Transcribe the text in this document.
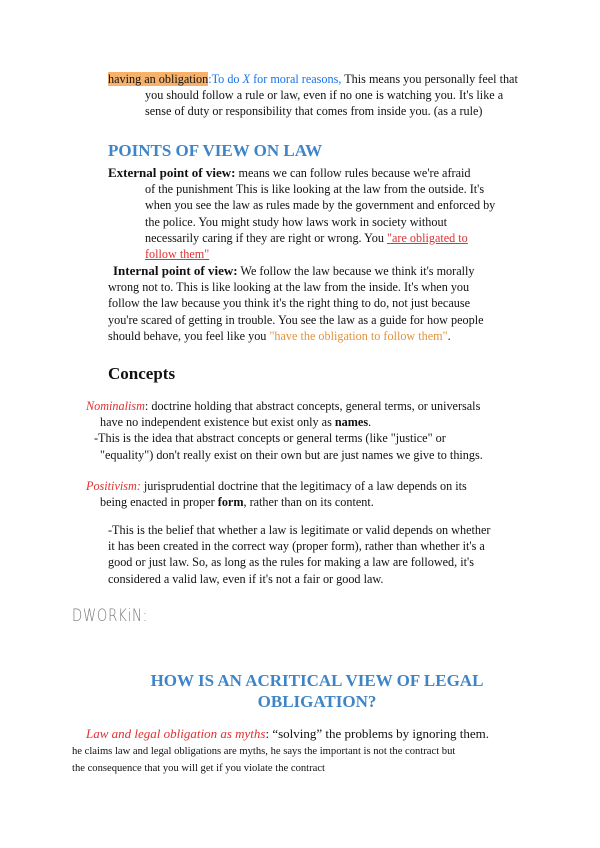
having an obligation:To do X for moral reasons, This means you personally feel that
you should follow a rule or law, even if no one is watching you. It's like a
sense of duty or responsibility that comes from inside you. (as a rule)
POINTS OF VIEW ON LAW
External point of view: means we can follow rules because we're afraid
of the punishment This is like looking at the law from the outside. It's
when you see the law as rules made by the government and enforced by
the police. You might study how laws work in society without
necessarily caring if they are right or wrong. You "are obligated to
follow them"
Internal point of view: We follow the law because we think it's morally
wrong not to. This is like looking at the law from the inside. It's when you
follow the law because you think it's the right thing to do, not just because
you're scared of getting in trouble. You see the law as a guide for how people
should behave, you feel like you "have the obligation to follow them".
Concepts
Nominalism: doctrine holding that abstract concepts, general terms, or universals
have no independent existence but exist only as names.
-This is the idea that abstract concepts or general terms (like "justice" or
"equality") don't really exist on their own but are just names we give to things.
Positivism: jurisprudential doctrine that the legitimacy of a law depends on its
being enacted in proper form, rather than on its content.
-This is the belief that whether a law is legitimate or valid depends on whether
it has been created in the correct way (proper form), rather than whether it's a
good or just law. So, as long as the rules for making a law are followed, it's
considered a valid law, even if it's not a fair or good law.
DWORKiN:
HOW IS AN ACRITICAL VIEW OF LEGAL
OBLIGATION?
Law and legal obligation as myths: “solving” the problems by ignoring them.
he claims law and legal obligations are myths, he says the important is not the contract but
the consequence that you will get if you violate the contract
